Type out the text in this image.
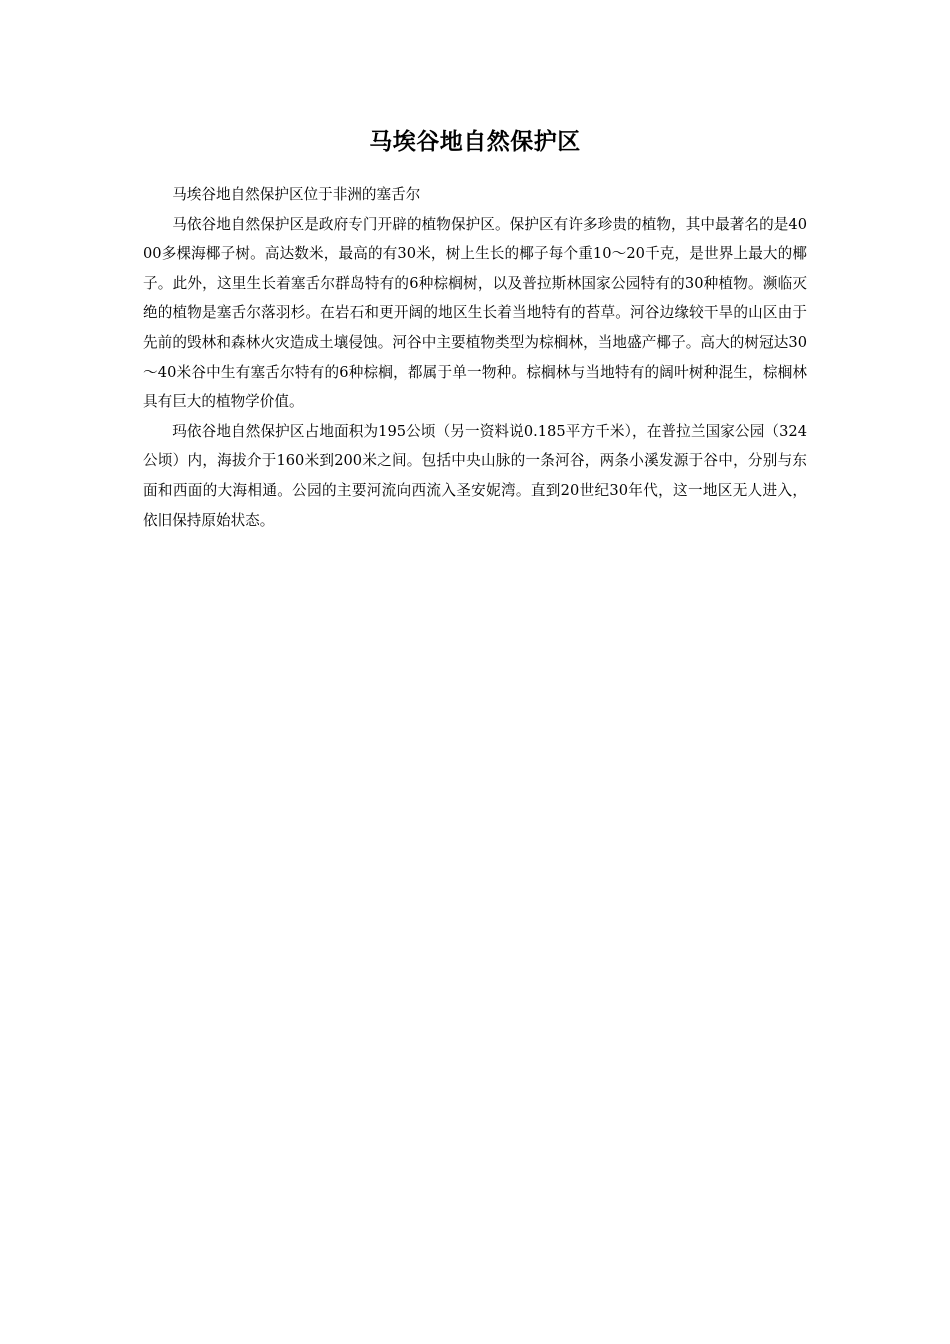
马埃谷地自然保护区

马埃谷地自然保护区位于非洲的塞舌尔

马依谷地自然保护区是政府专门开辟的植物保护区。保护区有许多珍贵的植物，其中最著名的是4000多棵海椰子树。高达数米，最高的有30米，树上生长的椰子每个重10～20千克，是世界上最大的椰子。此外，这里生长着塞舌尔群岛特有的6种棕榈树，以及普拉斯林国家公园特有的30种植物。濒临灭绝的植物是塞舌尔落羽杉。在岩石和更开阔的地区生长着当地特有的苔草。河谷边缘较干旱的山区由于先前的毁林和森林火灾造成土壤侵蚀。河谷中主要植物类型为棕榈林，当地盛产椰子。高大的树冠达30～40米谷中生有塞舌尔特有的6种棕榈，都属于单一物种。棕榈林与当地特有的阔叶树种混生，棕榈林具有巨大的植物学价值。

玛依谷地自然保护区占地面积为195公顷（另一资料说0.185平方千米），在普拉兰国家公园（324公顷）内，海拔介于160米到200米之间。包括中央山脉的一条河谷，两条小溪发源于谷中，分别与东面和西面的大海相通。公园的主要河流向西流入圣安妮湾。直到20世纪30年代，这一地区无人进入，依旧保持原始状态。
